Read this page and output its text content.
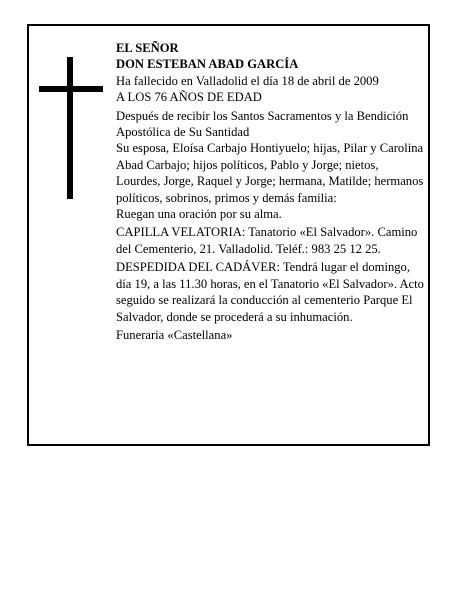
EL SEÑOR

DON ESTEBAN ABAD GARCÍA

Ha fallecido en Valladolid el día 18 de abril de 2009

A LOS 76 AÑOS DE EDAD

Después de recibir los Santos Sacramentos y la Bendición Apostólica de Su Santidad

Su esposa, Eloísa Carbajo Hontiyuelo; hijas, Pilar y Carolina Abad Carbajo; hijos políticos, Pablo y Jorge; nietos, Lourdes, Jorge, Raquel y Jorge; hermana, Matilde; hermanos políticos, sobrinos, primos y demás familia:

Ruegan una oración por su alma.

CAPILLA VELATORIA: Tanatorio «El Salvador». Camino del Cementerio, 21. Valladolid. Teléf.: 983 25 12 25.

DESPEDIDA DEL CADÁVER: Tendrá lugar el domingo, día 19, a las 11.30 horas, en el Tanatorio «El Salvador». Acto seguido se realizará la conducción al cementerio Parque El Salvador, donde se procederá a su inhumación.

Funeraria «Castellana»
